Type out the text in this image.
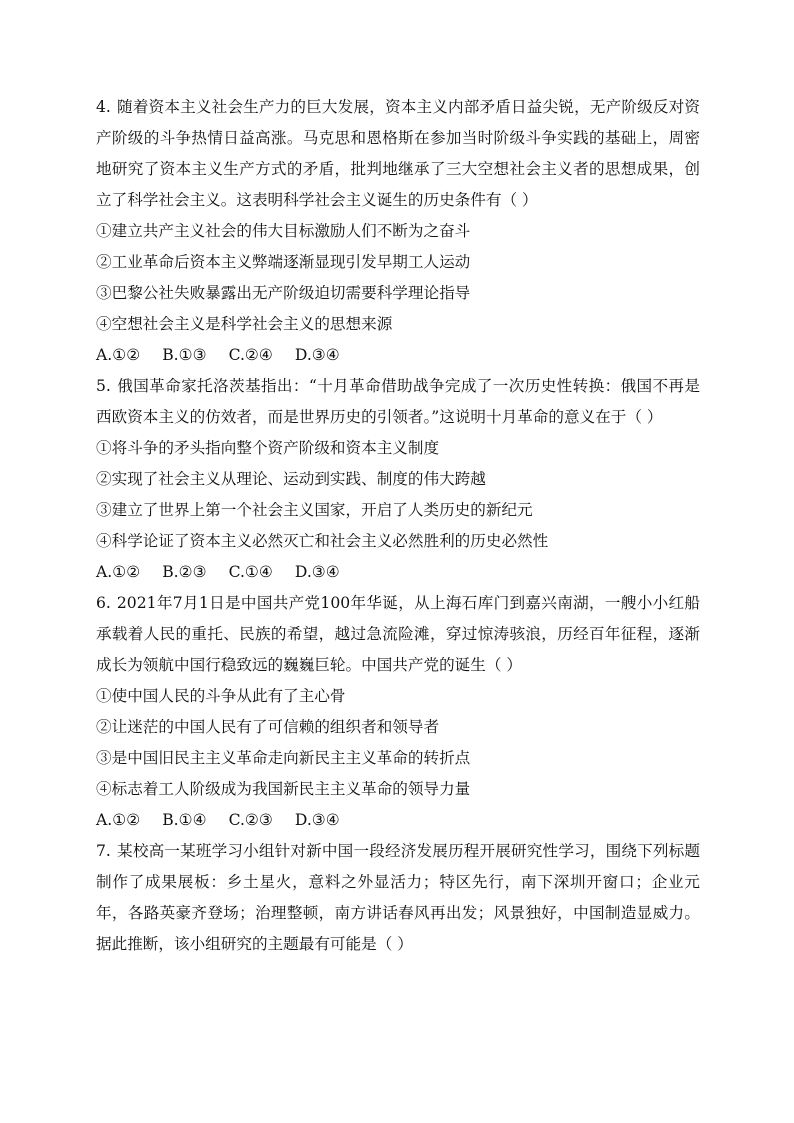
4. 随着资本主义社会生产力的巨大发展，资本主义内部矛盾日益尖锐，无产阶级反对资产阶级的斗争热情日益高涨。马克思和恩格斯在参加当时阶级斗争实践的基础上，周密地研究了资本主义生产方式的矛盾，批判地继承了三大空想社会主义者的思想成果，创立了科学社会主义。这表明科学社会主义诞生的历史条件有（ ）

①建立共产主义社会的伟大目标激励人们不断为之奋斗

②工业革命后资本主义弊端逐渐显现引发早期工人运动

③巴黎公社失败暴露出无产阶级迫切需要科学理论指导

④空想社会主义是科学社会主义的思想来源

A.①② B.①③ C.②④ D.③④

5. 俄国革命家托洛茨基指出：“十月革命借助战争完成了一次历史性转换：俄国不再是西欧资本主义的仿效者，而是世界历史的引领者。”这说明十月革命的意义在于（ ）

①将斗争的矛头指向整个资产阶级和资本主义制度

②实现了社会主义从理论、运动到实践、制度的伟大跨越

③建立了世界上第一个社会主义国家，开启了人类历史的新纪元

④科学论证了资本主义必然灭亡和社会主义必然胜利的历史必然性

A.①② B.②③ C.①④ D.③④

6. 2021年7月1日是中国共产党100年华诞，从上海石库门到嘉兴南湖，一艘小小红船承载着人民的重托、民族的希望，越过急流险滩，穿过惊涛骇浪，历经百年征程，逐渐成长为领航中国行稳致远的巍巍巨轮。中国共产党的诞生（ ）

①使中国人民的斗争从此有了主心骨

②让迷茫的中国人民有了可信赖的组织者和领导者

③是中国旧民主主义革命走向新民主主义革命的转折点

④标志着工人阶级成为我国新民主主义革命的领导力量

A.①② B.①④ C.②③ D.③④

7. 某校高一某班学习小组针对新中国一段经济发展历程开展研究性学习，围绕下列标题制作了成果展板：乡土星火，意料之外显活力；特区先行，南下深圳开窗口；企业元年，各路英豪齐登场；治理整顿，南方讲话春风再出发；风景独好，中国制造显威力。据此推断，该小组研究的主题最有可能是（ ）
